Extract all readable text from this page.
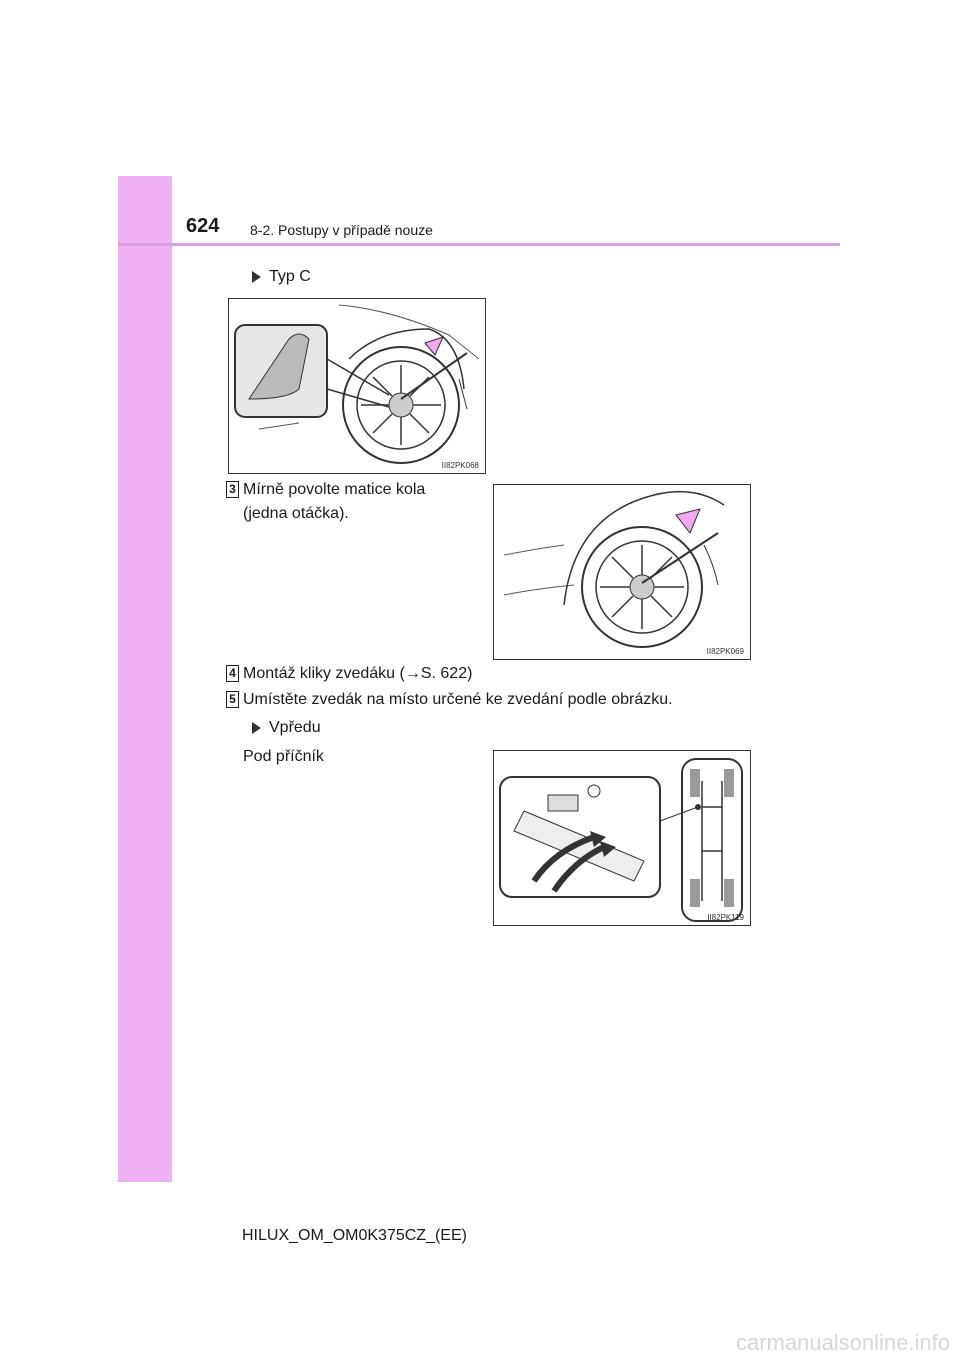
624 8-2. Postupy v případě nouze
Typ C
II82PK068
3 Mírně povolte matice kola
(jedna otáčka).
II82PK069
4 Montáž kliky zvedáku (→S. 622)
5 Umístěte zvedák na místo určené ke zvedání podle obrázku.
Vpředu
Pod příčník
II82PK119
HILUX_OM_OM0K375CZ_(EE)
carmanualsonline.info
